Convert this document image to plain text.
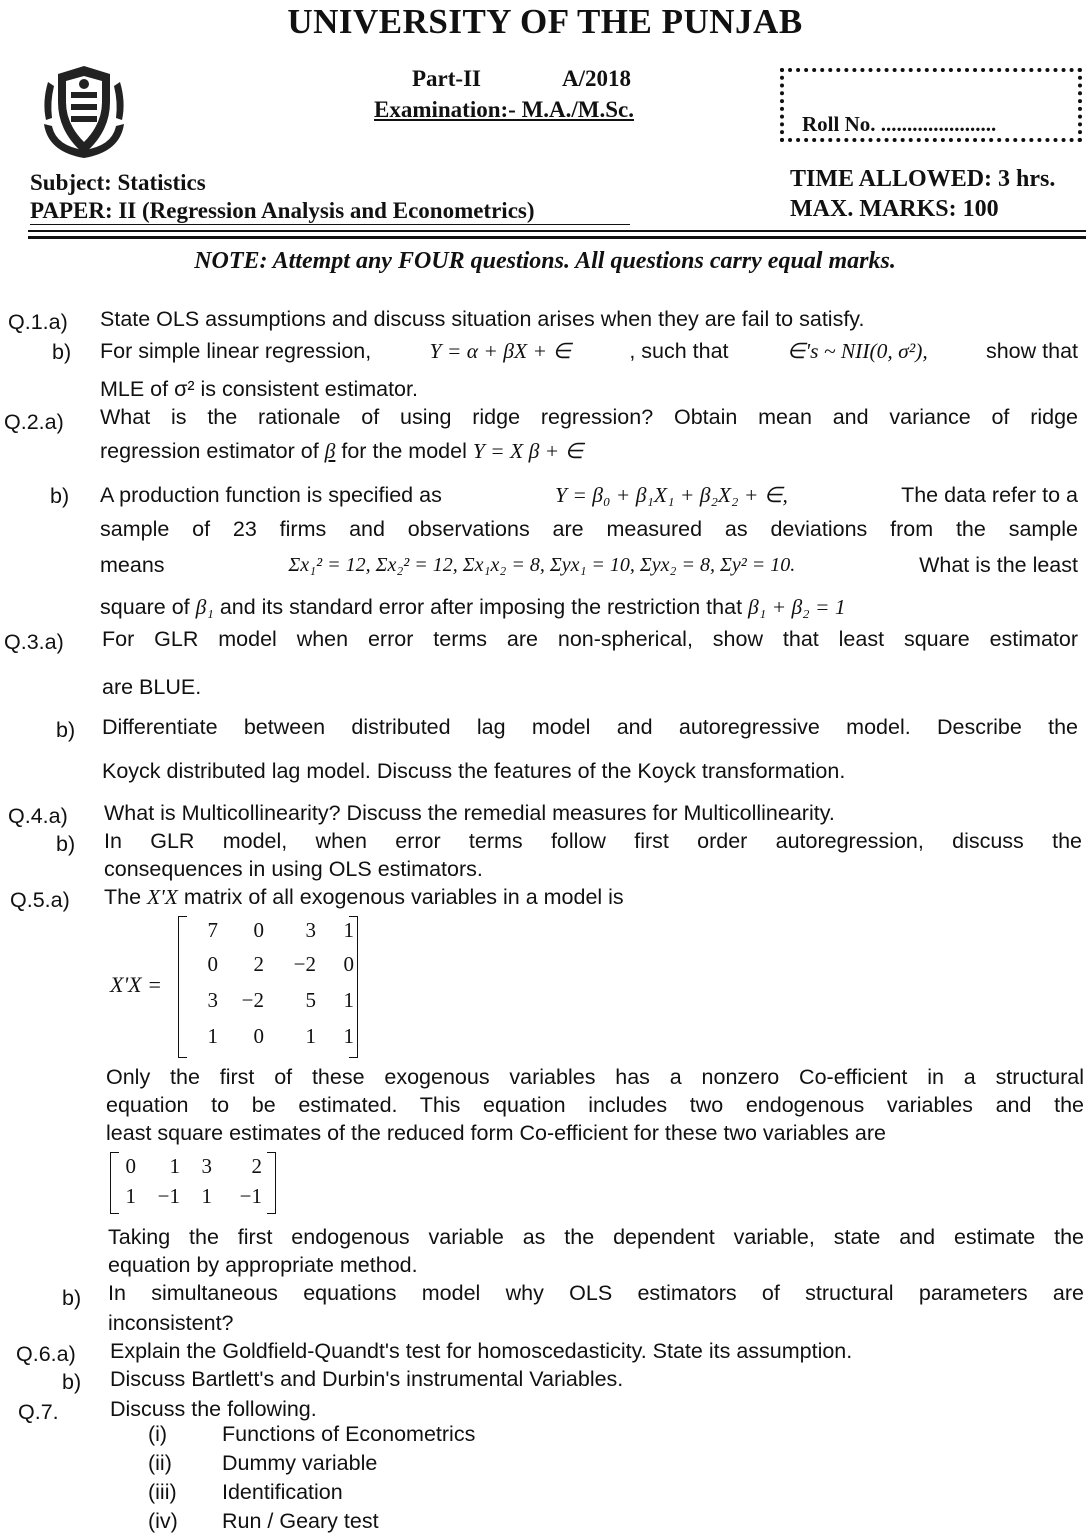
UNIVERSITY OF THE PUNJAB
Part-II	A/2018
Examination:- M.A./M.Sc.
Roll No. ......................
Subject: Statistics
PAPER: II (Regression Analysis and Econometrics)
TIME ALLOWED: 3 hrs.
MAX. MARKS: 100
NOTE: Attempt any FOUR questions. All questions carry equal marks.
Q.1.a) State OLS assumptions and discuss situation arises when they are fail to satisfy.
b) For simple linear regression,	Y = α + βX + ∈	, such that	∈'s ~ NII(0, σ²),	show that
MLE of σ² is consistent estimator.
Q.2.a) What is the rationale of using ridge regression? Obtain mean and variance of ridge
regression estimator of β for the model Y = X β + ∈
b) A production function is specified as	Y = β₀ + β₁X₁ + β₂X₂ + ∈,	The data refer to a
sample of 23 firms and observations are measured as deviations from the sample
means	Σx₁² = 12, Σx₂² = 12, Σx₁x₂ = 8, Σyx₁ = 10, Σyx₂ = 8, Σy² = 10.	What is the least
square of β₁ and its standard error after imposing the restriction that β₁ + β₂ = 1
Q.3.a) For GLR model when error terms are non-spherical, show that least square estimator
are BLUE.
b) Differentiate between distributed lag model and autoregressive model. Describe the
Koyck distributed lag model. Discuss the features of the Koyck transformation.
Q.4.a) What is Multicollinearity? Discuss the remedial measures for Multicollinearity.
b) In GLR model, when error terms follow first order autoregression, discuss the
consequences in using OLS estimators.
Q.5.a) The X'X matrix of all exogenous variables in a model is
X'X =
7	0	3	1
0	2	−2	0
3	−2	5	1
1	0	1	1
Only the first of these exogenous variables has a nonzero Co-efficient in a structural
equation to be estimated. This equation includes two endogenous variables and the
least square estimates of the reduced form Co-efficient for these two variables are
0	1	3	2
1	−1	1	−1
Taking the first endogenous variable as the dependent variable, state and estimate the
equation by appropriate method.
b) In simultaneous equations model why OLS estimators of structural parameters are
inconsistent?
Q.6.a) Explain the Goldfield-Quandt's test for homoscedasticity. State its assumption.
b) Discuss Bartlett's and Durbin's instrumental Variables.
Q.7. Discuss the following.
(i)	Functions of Econometrics
(ii) Dummy variable
(iii) Identification
(iv) Run / Geary test
